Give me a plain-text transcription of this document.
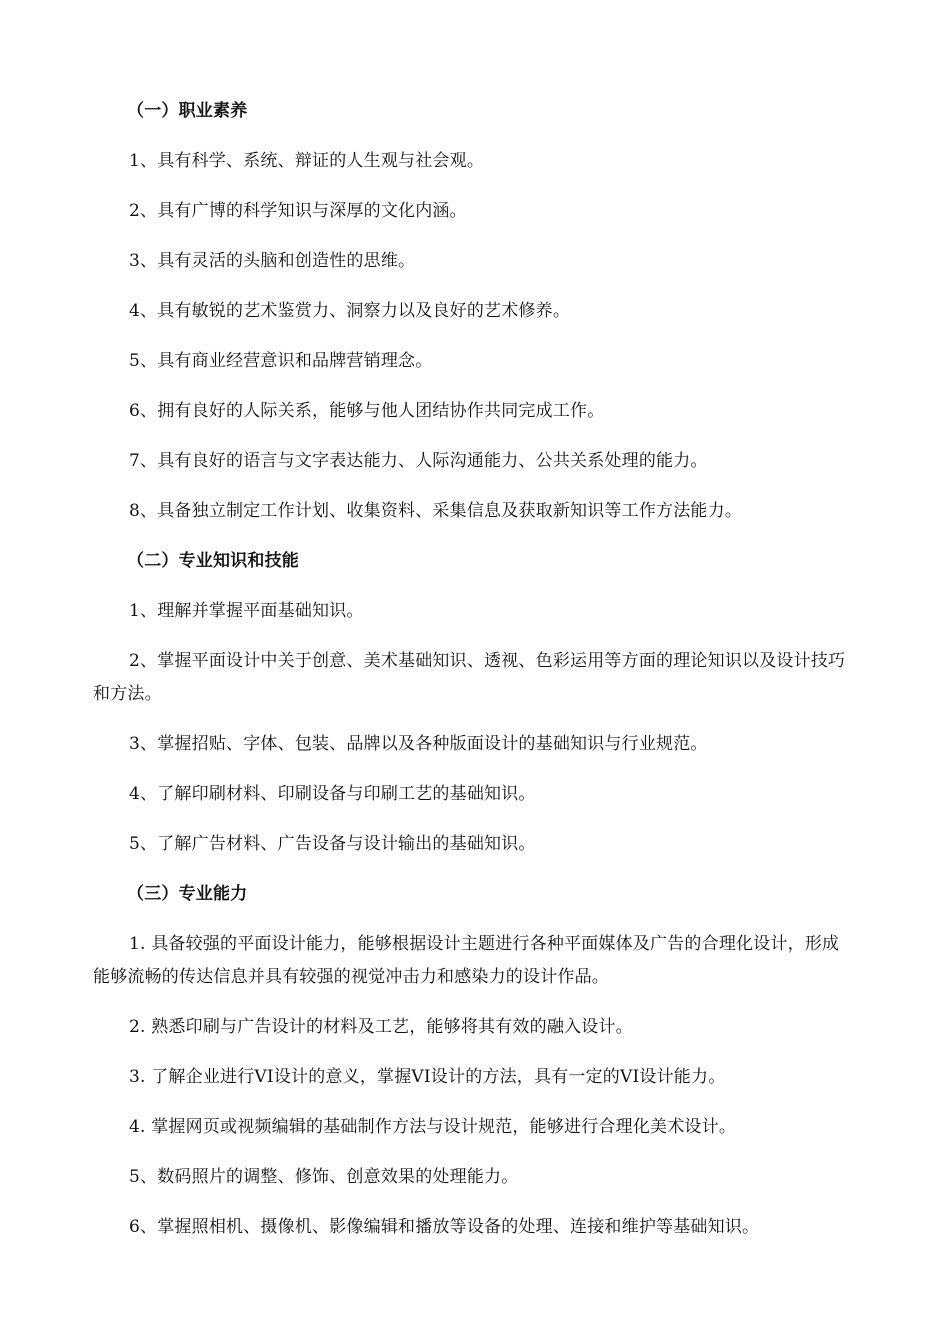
（一）职业素养

1、具有科学、系统、辩证的人生观与社会观。

2、具有广博的科学知识与深厚的文化内涵。

3、具有灵活的头脑和创造性的思维。

4、具有敏锐的艺术鉴赏力、洞察力以及良好的艺术修养。

5、具有商业经营意识和品牌营销理念。

6、拥有良好的人际关系，能够与他人团结协作共同完成工作。

7、具有良好的语言与文字表达能力、人际沟通能力、公共关系处理的能力。

8、具备独立制定工作计划、收集资料、采集信息及获取新知识等工作方法能力。

（二）专业知识和技能

1、理解并掌握平面基础知识。

2、掌握平面设计中关于创意、美术基础知识、透视、色彩运用等方面的理论知识以及设计技巧和方法。

3、掌握招贴、字体、包装、品牌以及各种版面设计的基础知识与行业规范。

4、了解印刷材料、印刷设备与印刷工艺的基础知识。

5、了解广告材料、广告设备与设计输出的基础知识。

（三）专业能力

1. 具备较强的平面设计能力，能够根据设计主题进行各种平面媒体及广告的合理化设计，形成能够流畅的传达信息并具有较强的视觉冲击力和感染力的设计作品。

2. 熟悉印刷与广告设计的材料及工艺，能够将其有效的融入设计。

3. 了解企业进行VI设计的意义，掌握VI设计的方法，具有一定的VI设计能力。

4. 掌握网页或视频编辑的基础制作方法与设计规范，能够进行合理化美术设计。

5、数码照片的调整、修饰、创意效果的处理能力。

6、掌握照相机、摄像机、影像编辑和播放等设备的处理、连接和维护等基础知识。
